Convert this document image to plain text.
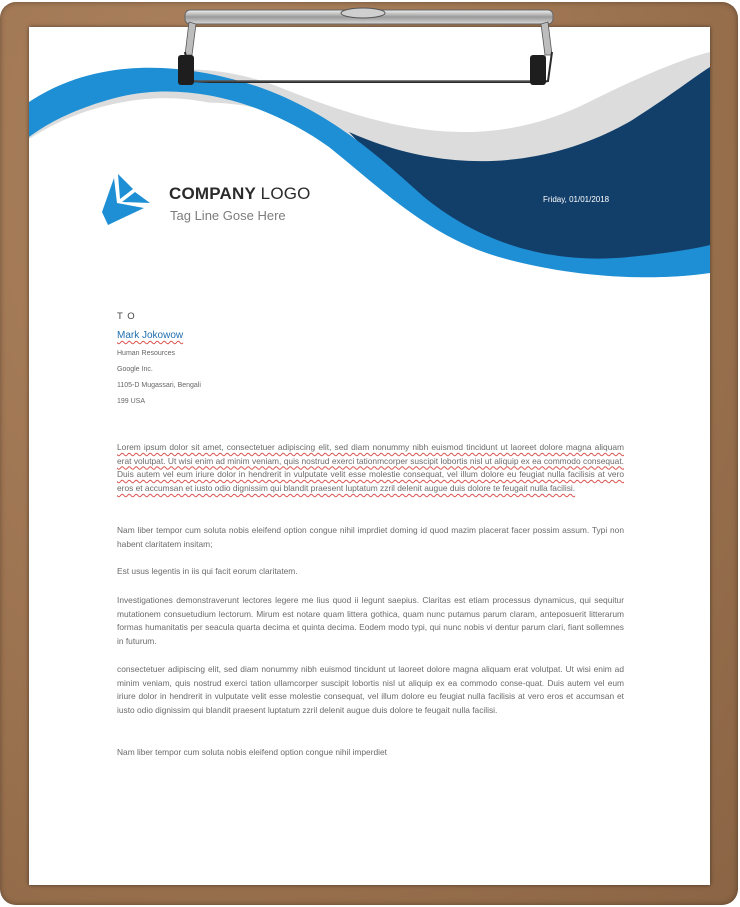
COMPANY LOGO
Tag Line Gose Here
Friday, 01/01/2018
T O
Mark Jokowow
Human Resources
Google Inc.
1105-D Mugassari, Bengali
199 USA
Lorem ipsum dolor sit amet, consectetuer adipiscing elit, sed diam nonummy nibh euismod tincidunt ut laoreet dolore magna aliquam erat volutpat. Ut wisi enim ad minim veniam, quis nostrud exerci tationmcorper suscipit lobortis nisl ut aliquip ex ea commodo consequat. Duis autem vel eum iriure dolor in hendrerit in vulputate velit esse molestie consequat, vel illum dolore eu feugiat nulla facilisis at vero eros et accumsan et iusto odio dignissim qui blandit praesent luptatum zzril delenit augue duis dolore te feugait nulla facilisi.
Nam liber tempor cum soluta nobis eleifend option congue nihil imprdiet doming id quod mazim placerat facer possim assum. Typi non habent claritatem insitam;
Est usus legentis in iis qui facit eorum claritatem.
Investigationes demonstraverunt lectores legere me lius quod ii legunt saepius. Claritas est etiam processus dynamicus, qui sequitur mutationem consuetudium lectorum. Mirum est notare quam littera gothica, quam nunc putamus parum claram, anteposuerit litterarum formas humanitatis per seacula quarta decima et quinta decima. Eodem modo typi, qui nunc nobis vi dentur parum clari, fiant sollemnes in futurum.
consectetuer adipiscing elit, sed diam nonummy nibh euismod tincidunt ut laoreet dolore magna aliquam erat volutpat. Ut wisi enim ad minim veniam, quis nostrud exerci tation ullamcorper suscipit lobortis nisl ut aliquip ex ea commodo conse-quat. Duis autem vel eum iriure dolor in hendrerit in vulputate velit esse molestie consequat, vel illum dolore eu feugiat nulla facilisis at vero eros et accumsan et iusto odio dignissim qui blandit praesent luptatum zzril delenit augue duis dolore te feugait nulla facilisi.
Nam liber tempor cum soluta nobis eleifend option congue nihil imperdiet
